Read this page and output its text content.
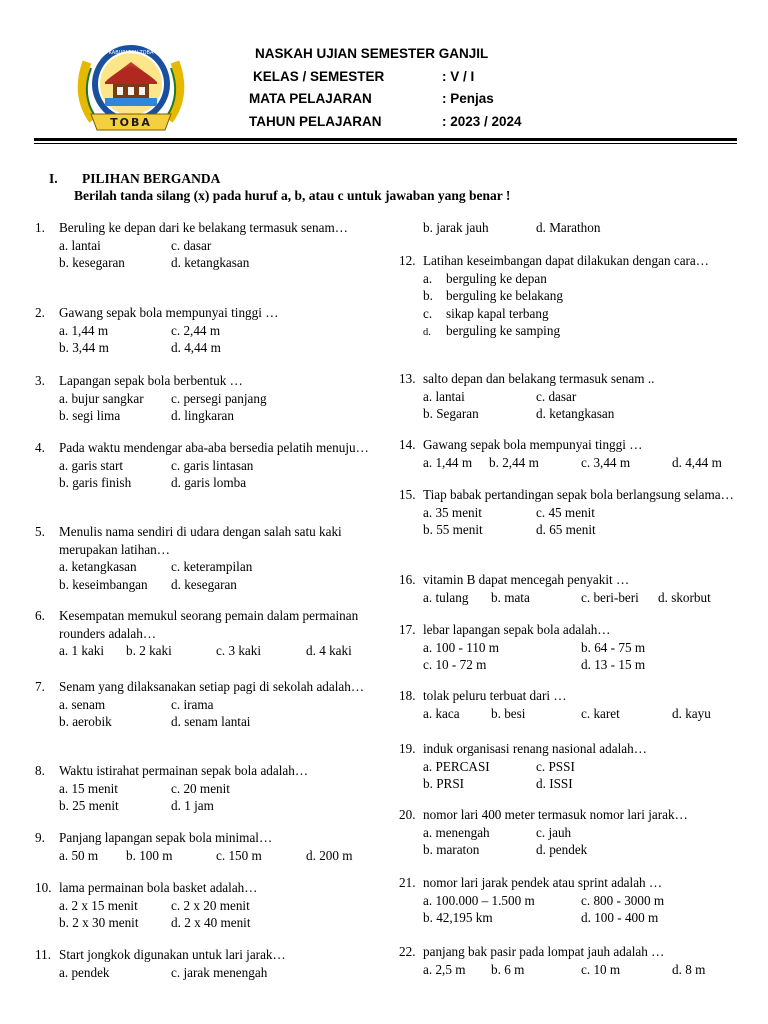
KABUPATEN TOBA
TOBA
NASKAH UJIAN SEMESTER GANJIL
KELAS / SEMESTER	: V / I
MATA PELAJARAN	: Penjas
TAHUN PELAJARAN	: 2023 / 2024
I. PILIHAN BERGANDA
Berilah tanda silang (x) pada huruf a, b, atau c untuk jawaban yang benar !
1.	Beruling ke depan dari ke belakang termasuk senam…
a. lantai	c. dasar
b. kesegaran	d. ketangkasan
2.	Gawang sepak bola mempunyai tinggi …
a. 1,44 m	c. 2,44 m
b. 3,44 m	d. 4,44 m
3.	Lapangan sepak bola berbentuk …
a. bujur sangkar c. persegi panjang
b. segi lima	d. lingkaran
4.	Pada waktu mendengar aba-aba bersedia pelatih menuju…
a. garis start	c. garis lintasan
b. garis finish	d. garis lomba
5.	Menulis nama sendiri di udara dengan salah satu kaki merupakan latihan…
a. ketangkasan	c. keterampilan
b. keseimbangan d. kesegaran
6.	Kesempatan memukul seorang pemain dalam permainan rounders adalah…
a. 1 kaki b. 2 kaki	c. 3 kaki	d. 4 kaki
7.	Senam yang dilaksanakan setiap pagi di sekolah adalah…
a. senam	c. irama
b. aerobik	d. senam lantai
8.	Waktu istirahat permainan sepak bola adalah…
a. 15 menit	c. 20 menit
b. 25 menit	d. 1 jam
9.	Panjang lapangan sepak bola minimal…
a. 50 m b. 100 m	c. 150 m	d. 200 m
10. lama permainan bola basket adalah…
a. 2 x 15 menit	c. 2 x 20 menit
b. 2 x 30 menit d. 2 x 40 menit
11. Start jongkok digunakan untuk lari jarak…
a. pendek	c. jarak menengah
b. jarak jauh	d. Marathon
12. Latihan keseimbangan dapat dilakukan dengan cara…
a. berguling ke depan
b. berguling ke belakang
c. sikap kapal terbang
d. berguling ke samping
13. salto depan dan belakang termasuk senam ..
a. lantai	c. dasar
b. Segaran	d. ketangkasan
14. Gawang sepak bola mempunyai tinggi …
a. 1,44 m b. 2,44 m	c. 3,44 m	d. 4,44 m
15. Tiap babak pertandingan sepak bola berlangsung selama…
a. 35 menit	c. 45 menit
b. 55 menit	d. 65 menit
16. vitamin B dapat mencegah penyakit …
a. tulang b. mata	c. beri-beri d. skorbut
17. lebar lapangan sepak bola adalah…
a. 100 - 110 m	b. 64 - 75 m
c. 10 - 72 m	d. 13 - 15 m
18. tolak peluru terbuat dari …
a. kaca b. besi	c. karet	d. kayu
19. induk organisasi renang nasional adalah…
a. PERCASI	c. PSSI
b. PRSI	d. ISSI
20. nomor lari 400 meter termasuk nomor lari jarak…
a. menengah	c. jauh
b. maraton	d. pendek
21. nomor lari jarak pendek atau sprint adalah …
a. 100.000 – 1.500 m	c. 800 - 3000 m
b. 42,195 km	d. 100 - 400 m
22. panjang bak pasir pada lompat jauh adalah …
a. 2,5 m b. 6 m	c. 10 m	d. 8 m
